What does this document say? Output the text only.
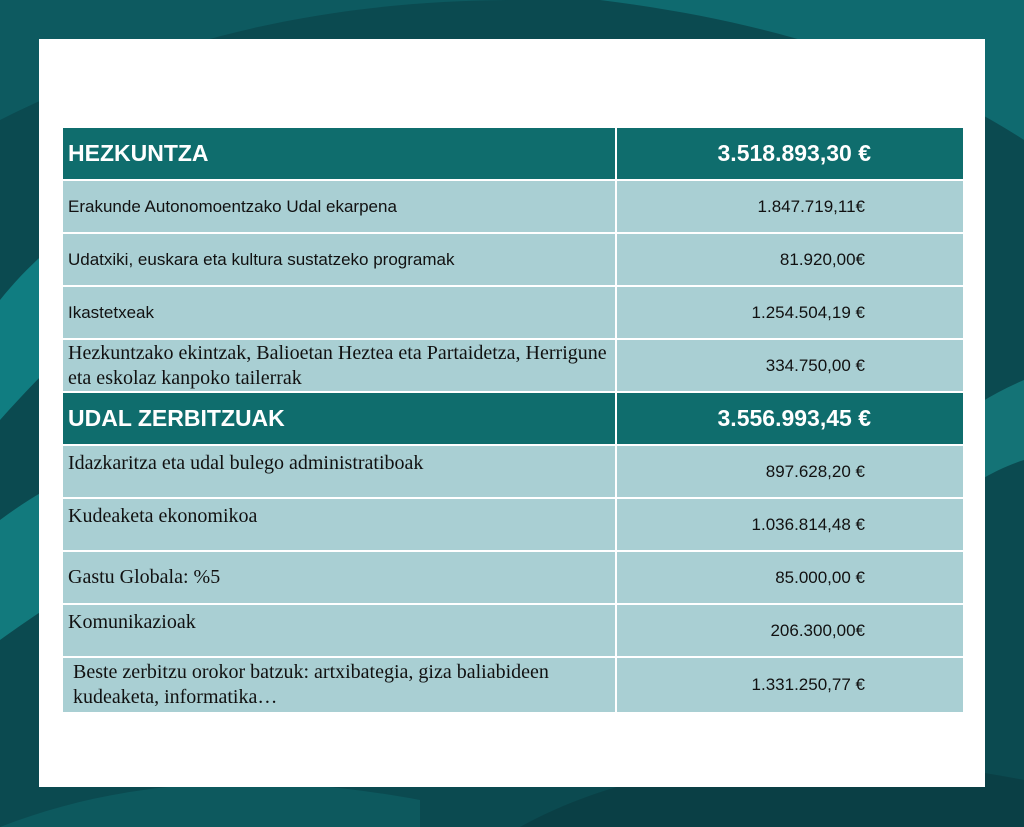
HEZKUNTZA	3.518.893,30 €
Erakunde Autonomoentzako Udal ekarpena	1.847.719,11€
Udatxiki, euskara eta kultura sustatzeko programak	81.920,00€
Ikastetxeak	1.254.504,19 €
Hezkuntzako ekintzak, Balioetan Heztea eta Partaidetza, Herrigune eta eskolaz kanpoko tailerrak	334.750,00 €
UDAL ZERBITZUAK	3.556.993,45 €
Idazkaritza eta udal bulego administratiboak	897.628,20 €
Kudeaketa ekonomikoa	1.036.814,48 €
Gastu Globala: %5	85.000,00 €
Komunikazioak	206.300,00€
Beste zerbitzu orokor batzuk: artxibategia, giza baliabideen kudeaketa, informatika…	1.331.250,77 €
